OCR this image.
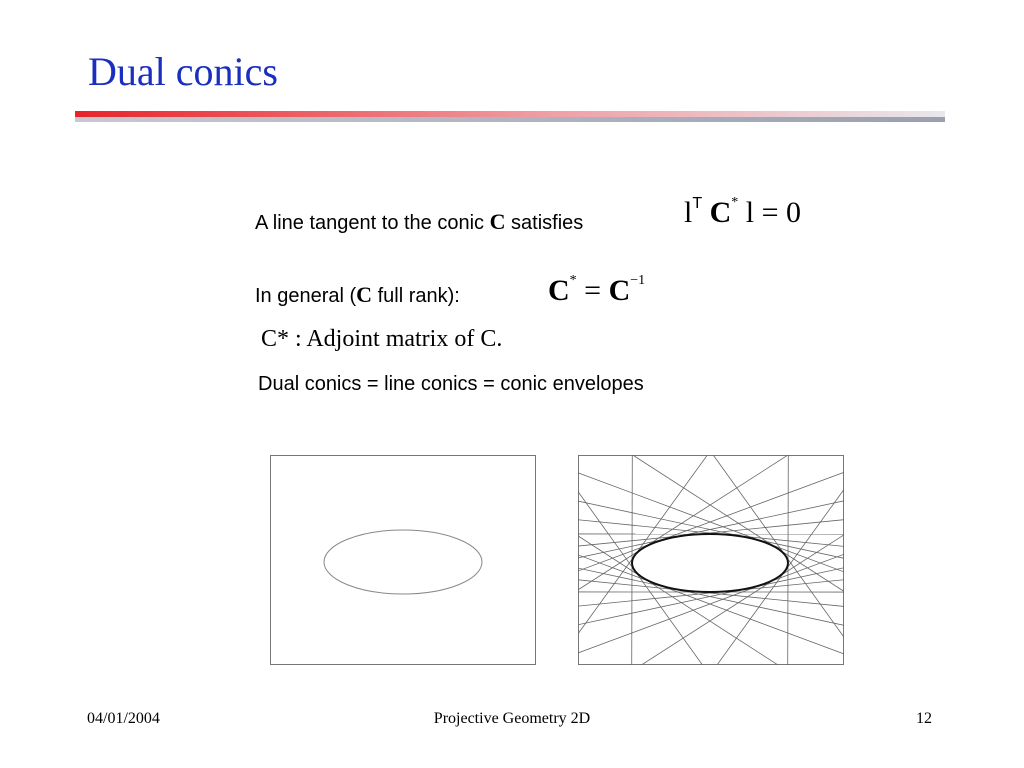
Dual conics
A line tangent to the conic C satisfies	$l^T$ C* l = 0
In general (C full rank):	$C^* = C^{-1}$
C* : Adjoint matrix of C.
Dual conics = line conics = conic envelopes
04/01/2004	Projective Geometry 2D	12
